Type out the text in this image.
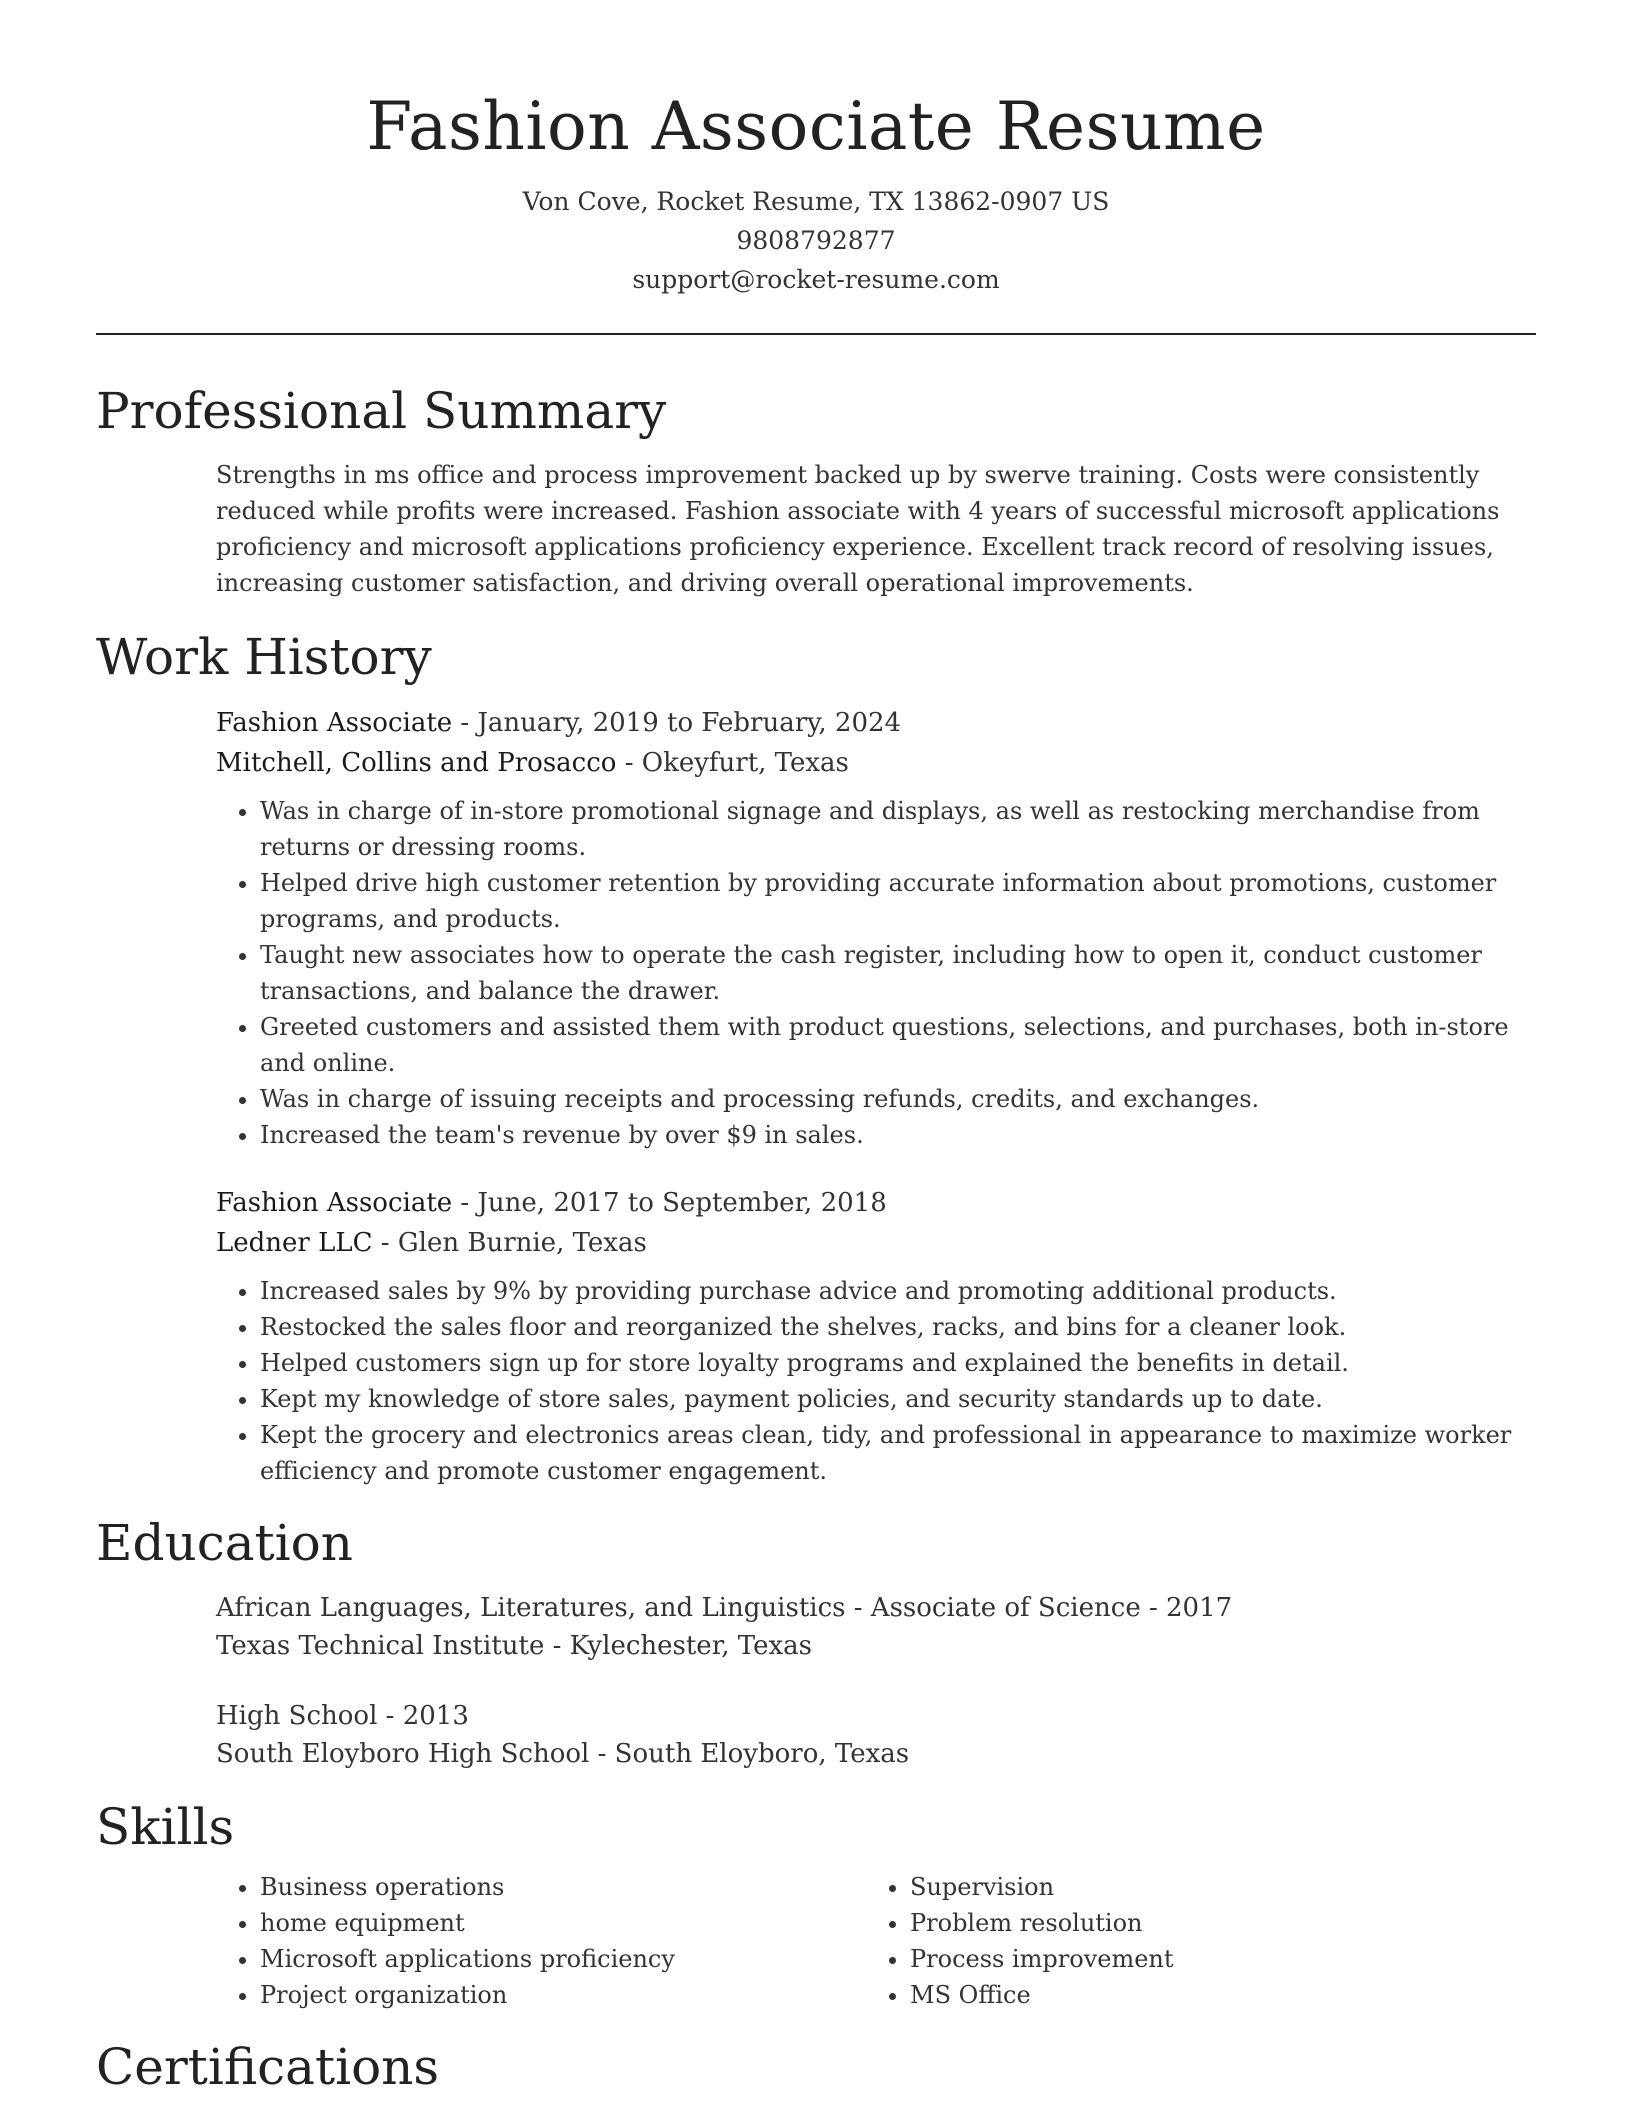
Fashion Associate Resume
Von Cove, Rocket Resume, TX 13862-0907 US
9808792877
support@rocket-resume.com
Professional Summary

Strengths in ms office and process improvement backed up by swerve training. Costs were consistently reduced while profits were increased. Fashion associate with 4 years of successful microsoft applications proficiency and microsoft applications proficiency experience. Excellent track record of resolving issues, increasing customer satisfaction, and driving overall operational improvements.

Work History
Fashion Associate - January, 2019 to February, 2024
Mitchell, Collins and Prosacco - Okeyfurt, Texas
• Was in charge of in-store promotional signage and displays, as well as restocking merchandise from returns or dressing rooms.
• Helped drive high customer retention by providing accurate information about promotions, customer programs, and products.
• Taught new associates how to operate the cash register, including how to open it, conduct customer transactions, and balance the drawer.
• Greeted customers and assisted them with product questions, selections, and purchases, both in-store and online.
• Was in charge of issuing receipts and processing refunds, credits, and exchanges.
• Increased the team's revenue by over $9 in sales.
Fashion Associate - June, 2017 to September, 2018
Ledner LLC - Glen Burnie, Texas
• Increased sales by 9% by providing purchase advice and promoting additional products.
• Restocked the sales floor and reorganized the shelves, racks, and bins for a cleaner look.
• Helped customers sign up for store loyalty programs and explained the benefits in detail.
• Kept my knowledge of store sales, payment policies, and security standards up to date.
• Kept the grocery and electronics areas clean, tidy, and professional in appearance to maximize worker efficiency and promote customer engagement.
Education
African Languages, Literatures, and Linguistics - Associate of Science - 2017
Texas Technical Institute - Kylechester, Texas
High School - 2013
South Eloyboro High School - South Eloyboro, Texas
Skills
• Business operations
• home equipment
• Microsoft applications proficiency
• Project organization
• Supervision
• Problem resolution
• Process improvement
• MS Office
Certifications
